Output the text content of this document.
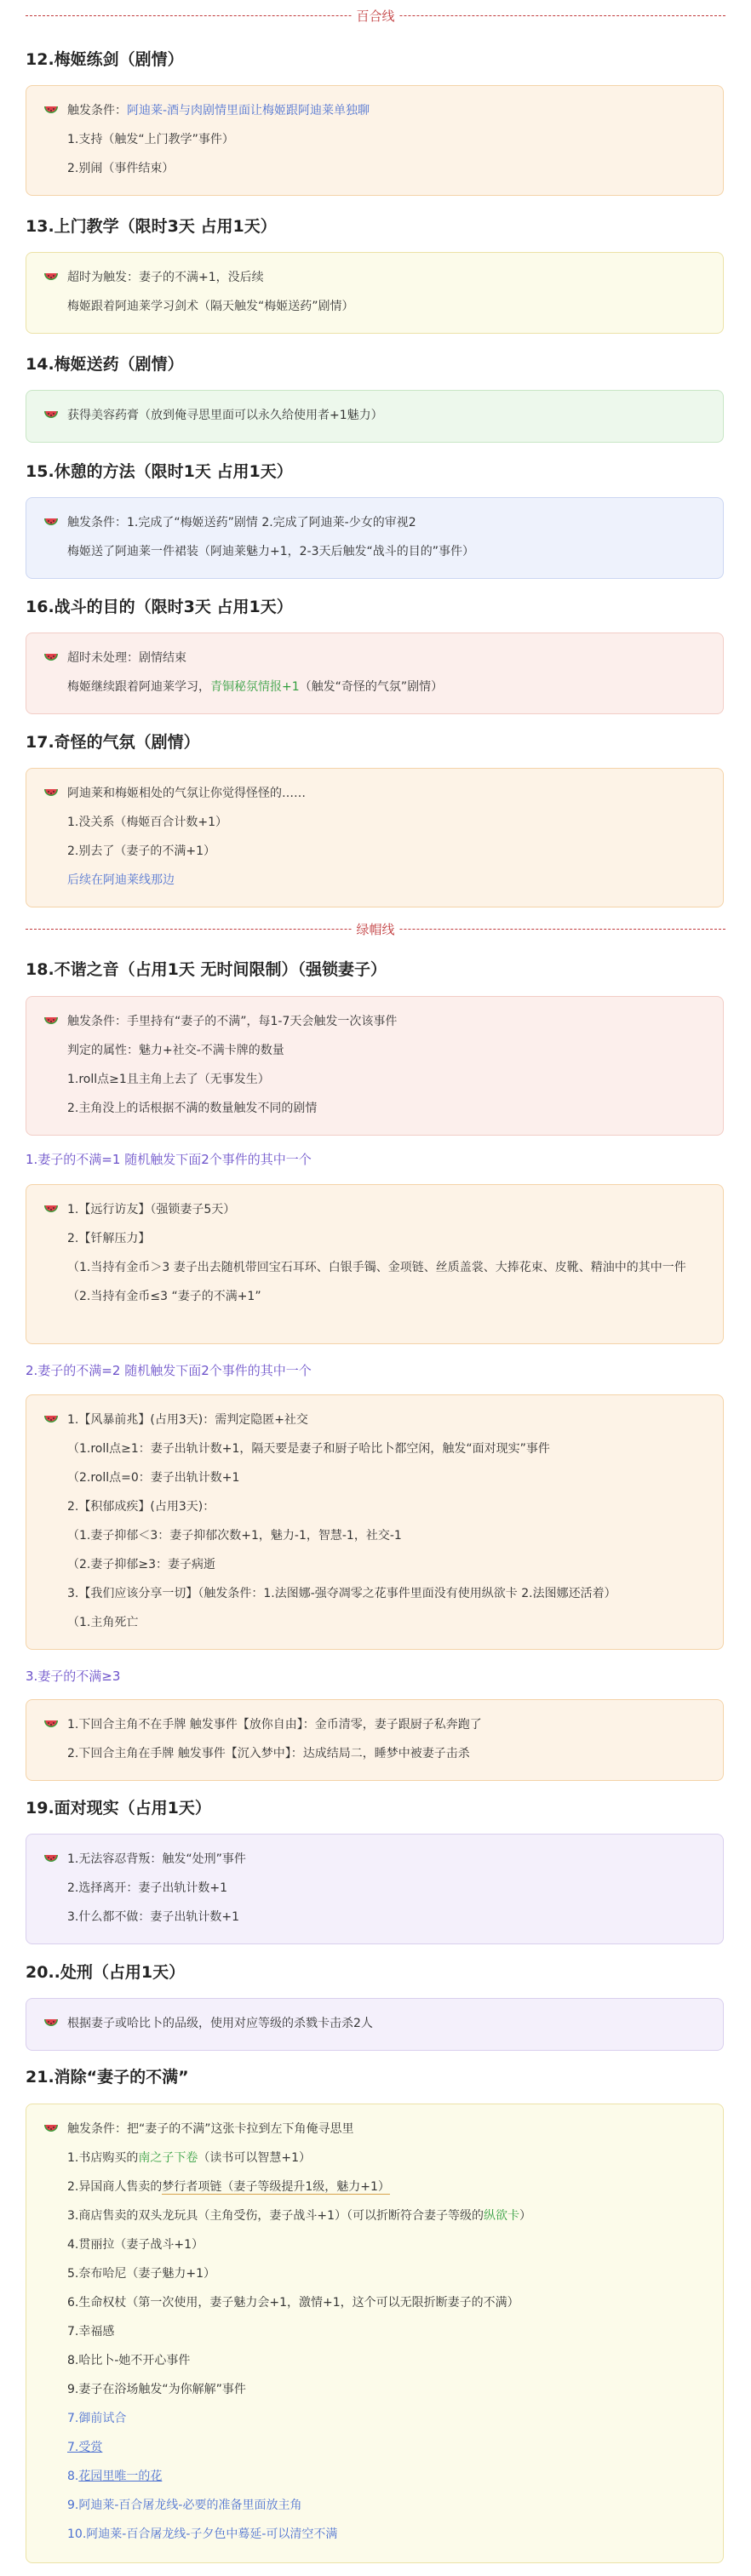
百合线
12.梅姬练剑（剧情）
触发条件：阿迪莱-酒与肉剧情里面让梅姬跟阿迪莱单独聊
1.支持（触发“上门教学”事件）
2.别闹（事件结束）
13.上门教学（限时3天 占用1天）
超时为触发：妻子的不满+1，没后续
梅姬跟着阿迪莱学习剑术（隔天触发“梅姬送药”剧情）
14.梅姬送药（剧情）
获得美容药膏（放到俺寻思里面可以永久给使用者+1魅力）
15.休憩的方法（限时1天 占用1天）
触发条件：1.完成了“梅姬送药”剧情 2.完成了阿迪莱-少女的审视2
梅姬送了阿迪莱一件裙装（阿迪莱魅力+1，2-3天后触发“战斗的目的”事件）
16.战斗的目的（限时3天 占用1天）
超时未处理：剧情结束
梅姬继续跟着阿迪莱学习，青铜秘氛情报+1（触发“奇怪的气氛”剧情）
17.奇怪的气氛（剧情）
阿迪莱和梅姬相处的气氛让你觉得怪怪的……
1.没关系（梅姬百合计数+1）
2.别去了（妻子的不满+1）
后续在阿迪莱线那边
绿帽线
18.不谐之音（占用1天 无时间限制）（强锁妻子）
触发条件：手里持有“妻子的不满”，每1-7天会触发一次该事件
判定的属性：魅力+社交-不满卡牌的数量
1.roll点≥1且主角上去了（无事发生）
2.主角没上的话根据不满的数量触发不同的剧情
1.妻子的不满=1 随机触发下面2个事件的其中一个
1.【远行访友】（强锁妻子5天）
2.【钎解压力】
（1.当持有金币＞3 妻子出去随机带回宝石耳环、白银手镯、金项链、丝质盖裳、大捧花束、皮靴、精油中的其中一件
（2.当持有金币≤3 “妻子的不满+1”
2.妻子的不满=2 随机触发下面2个事件的其中一个
1.【风暴前兆】(占用3天)：需判定隐匿+社交
（1.roll点≥1：妻子出轨计数+1，隔天要是妻子和厨子哈比卜都空闲，触发“面对现实”事件
（2.roll点=0：妻子出轨计数+1
2.【积郁成疾】(占用3天)：
（1.妻子抑郁＜3：妻子抑郁次数+1，魅力-1，智慧-1，社交-1
（2.妻子抑郁≥3：妻子病逝
3.【我们应该分享一切】（触发条件：1.法图娜-强夺凋零之花事件里面没有使用纵欲卡 2.法图娜还活着）
（1.主角死亡
3.妻子的不满≥3
1.下回合主角不在手牌 触发事件【放你自由】：金币清零，妻子跟厨子私奔跑了
2.下回合主角在手牌 触发事件【沉入梦中】：达成结局二，睡梦中被妻子击杀
19.面对现实（占用1天）
1.无法容忍背叛：触发“处刑”事件
2.选择离开：妻子出轨计数+1
3.什么都不做：妻子出轨计数+1
20..处刑（占用1天）
根据妻子或哈比卜的品级，使用对应等级的杀戮卡击杀2人
21.消除“妻子的不满”
触发条件：把“妻子的不满”这张卡拉到左下角俺寻思里
1.书店购买的南之子下卷（读书可以智慧+1）
2.异国商人售卖的梦行者项链（妻子等级提升1级，魅力+1）
3.商店售卖的双头龙玩具（主角受伤，妻子战斗+1）（可以折断符合妻子等级的纵欲卡）
4.贯丽拉（妻子战斗+1）
5.奈布哈尼（妻子魅力+1）
6.生命权杖（第一次使用，妻子魅力会+1，激情+1，这个可以无限折断妻子的不满）
7.幸福感
8.哈比卜-她不开心事件
9.妻子在浴场触发“为你解解”事件
7.御前试合
7.受赏
8.花园里唯一的花
9.阿迪莱-百合屠龙线-必要的准备里面放主角
10.阿迪莱-百合屠龙线-子夕色中蓦延-可以清空不满
